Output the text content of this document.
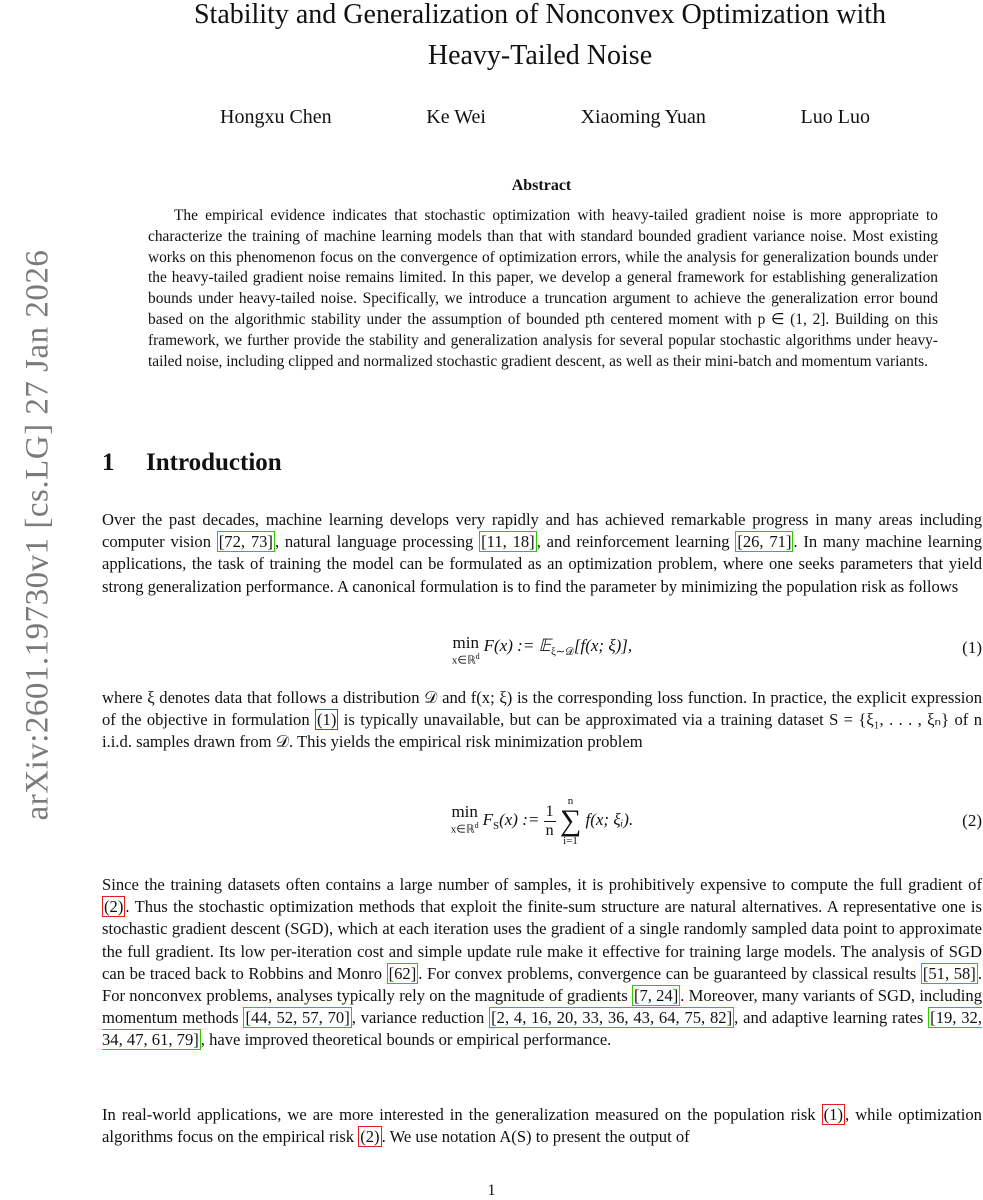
arXiv:2601.19730v1 [cs.LG] 27 Jan 2026
Stability and Generalization of Nonconvex Optimization with
Heavy-Tailed Noise
Hongxu Chen	Ke Wei	Xiaoming Yuan	Luo Luo
Abstract

The empirical evidence indicates that stochastic optimization with heavy-tailed gradient noise is more appropriate to characterize the training of machine learning models than that with standard bounded gradient variance noise. Most existing works on this phenomenon focus on the convergence of optimization errors, while the analysis for generalization bounds under the heavy-tailed gradient noise remains limited. In this paper, we develop a general framework for establishing generalization bounds under heavy-tailed noise. Specifically, we introduce a truncation argument to achieve the generalization error bound based on the algorithmic stability under the assumption of bounded pth centered moment with p ∈ (1, 2]. Building on this framework, we further provide the stability and generalization analysis for several popular stochastic algorithms under heavy-tailed noise, including clipped and normalized stochastic gradient descent, as well as their mini-batch and momentum variants.

1 Introduction

Over the past decades, machine learning develops very rapidly and has achieved remarkable progress in many areas including computer vision [72, 73] , natural language processing [11, 18] , and reinforcement learning [26, 71] . In many machine learning applications, the task of training the model can be formulated as an optimization problem, where one seeks parameters that yield strong generalization performance. A canonical formulation is to find the parameter by minimizing the population risk as follows

min
x∈ℝ$^d$
F(x) := 𝔼$_{\xi\sim 𝒟}$[f(x; ξ)],	(1)

where ξ denotes data that follows a distribution 𝒟 and f(x; ξ) is the corresponding loss function. In practice, the explicit expression of the objective in formulation (1) is typically unavailable, but can be approximated via a training dataset S = {ξ₁, . . . , ξₙ} of n i.i.d. samples drawn from 𝒟. This yields the empirical risk minimization problem

min
x∈ℝ$^d$ $F_S(x)$ := $\frac{1}{n}$

n
∑
i=1
f(x; ξᵢ).	(2)

Since the training datasets often contains a large number of samples, it is prohibitively expensive to compute the full gradient of (2) . Thus the stochastic optimization methods that exploit the finite-sum structure are natural alternatives. A representative one is stochastic gradient descent (SGD), which at each iteration uses the gradient of a single randomly sampled data point to approximate the full gradient. Its low per-iteration cost and simple update rule make it effective for training large models. The analysis of SGD can be traced back to Robbins and Monro [62] . For convex problems, convergence can be guaranteed by classical results [51, 58] . For nonconvex problems, analyses typically rely on the magnitude of gradients [7, 24] . Moreover, many variants of SGD, including momentum methods [44, 52, 57, 70] , variance reduction [2, 4, 16, 20, 33, 36, 43, 64, 75, 82] , and adaptive learning rates [19, 32, 34, 47, 61, 79] , have improved theoretical bounds or empirical performance.

In real-world applications, we are more interested in the generalization measured on the population risk (1) , while optimization algorithms focus on the empirical risk (2) . We use notation A(S) to present the output of

1
